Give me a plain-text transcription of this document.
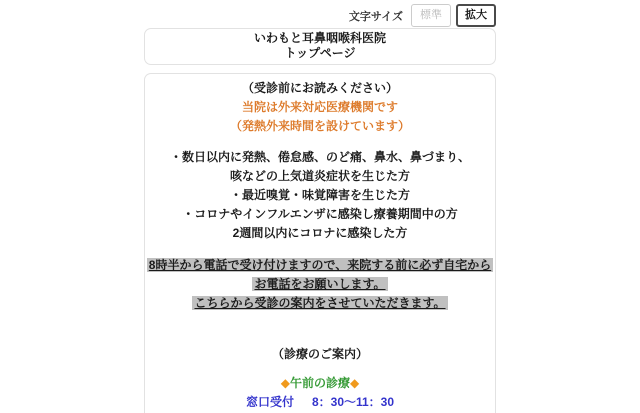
文字サイズ	標準	拡大
いわもと耳鼻咽喉科医院
トップページ
（受診前にお読みください）
当院は外来対応医療機関です
（発熱外来時間を設けています）
・数日以内に発熱、倦怠感、のど痛、鼻水、鼻づまり、
咳などの上気道炎症状を生じた方
・最近嗅覚・味覚障害を生じた方
・コロナやインフルエンザに感染し療養期間中の方
2週間以内にコロナに感染した方
8時半から電話で受け付けますので、来院する前に必ず自宅から
お電話をお願いします。
こちらから受診の案内をさせていただきます。
（診療のご案内）
◆午前の診療◆
窓口受付 8：30〜11：30
